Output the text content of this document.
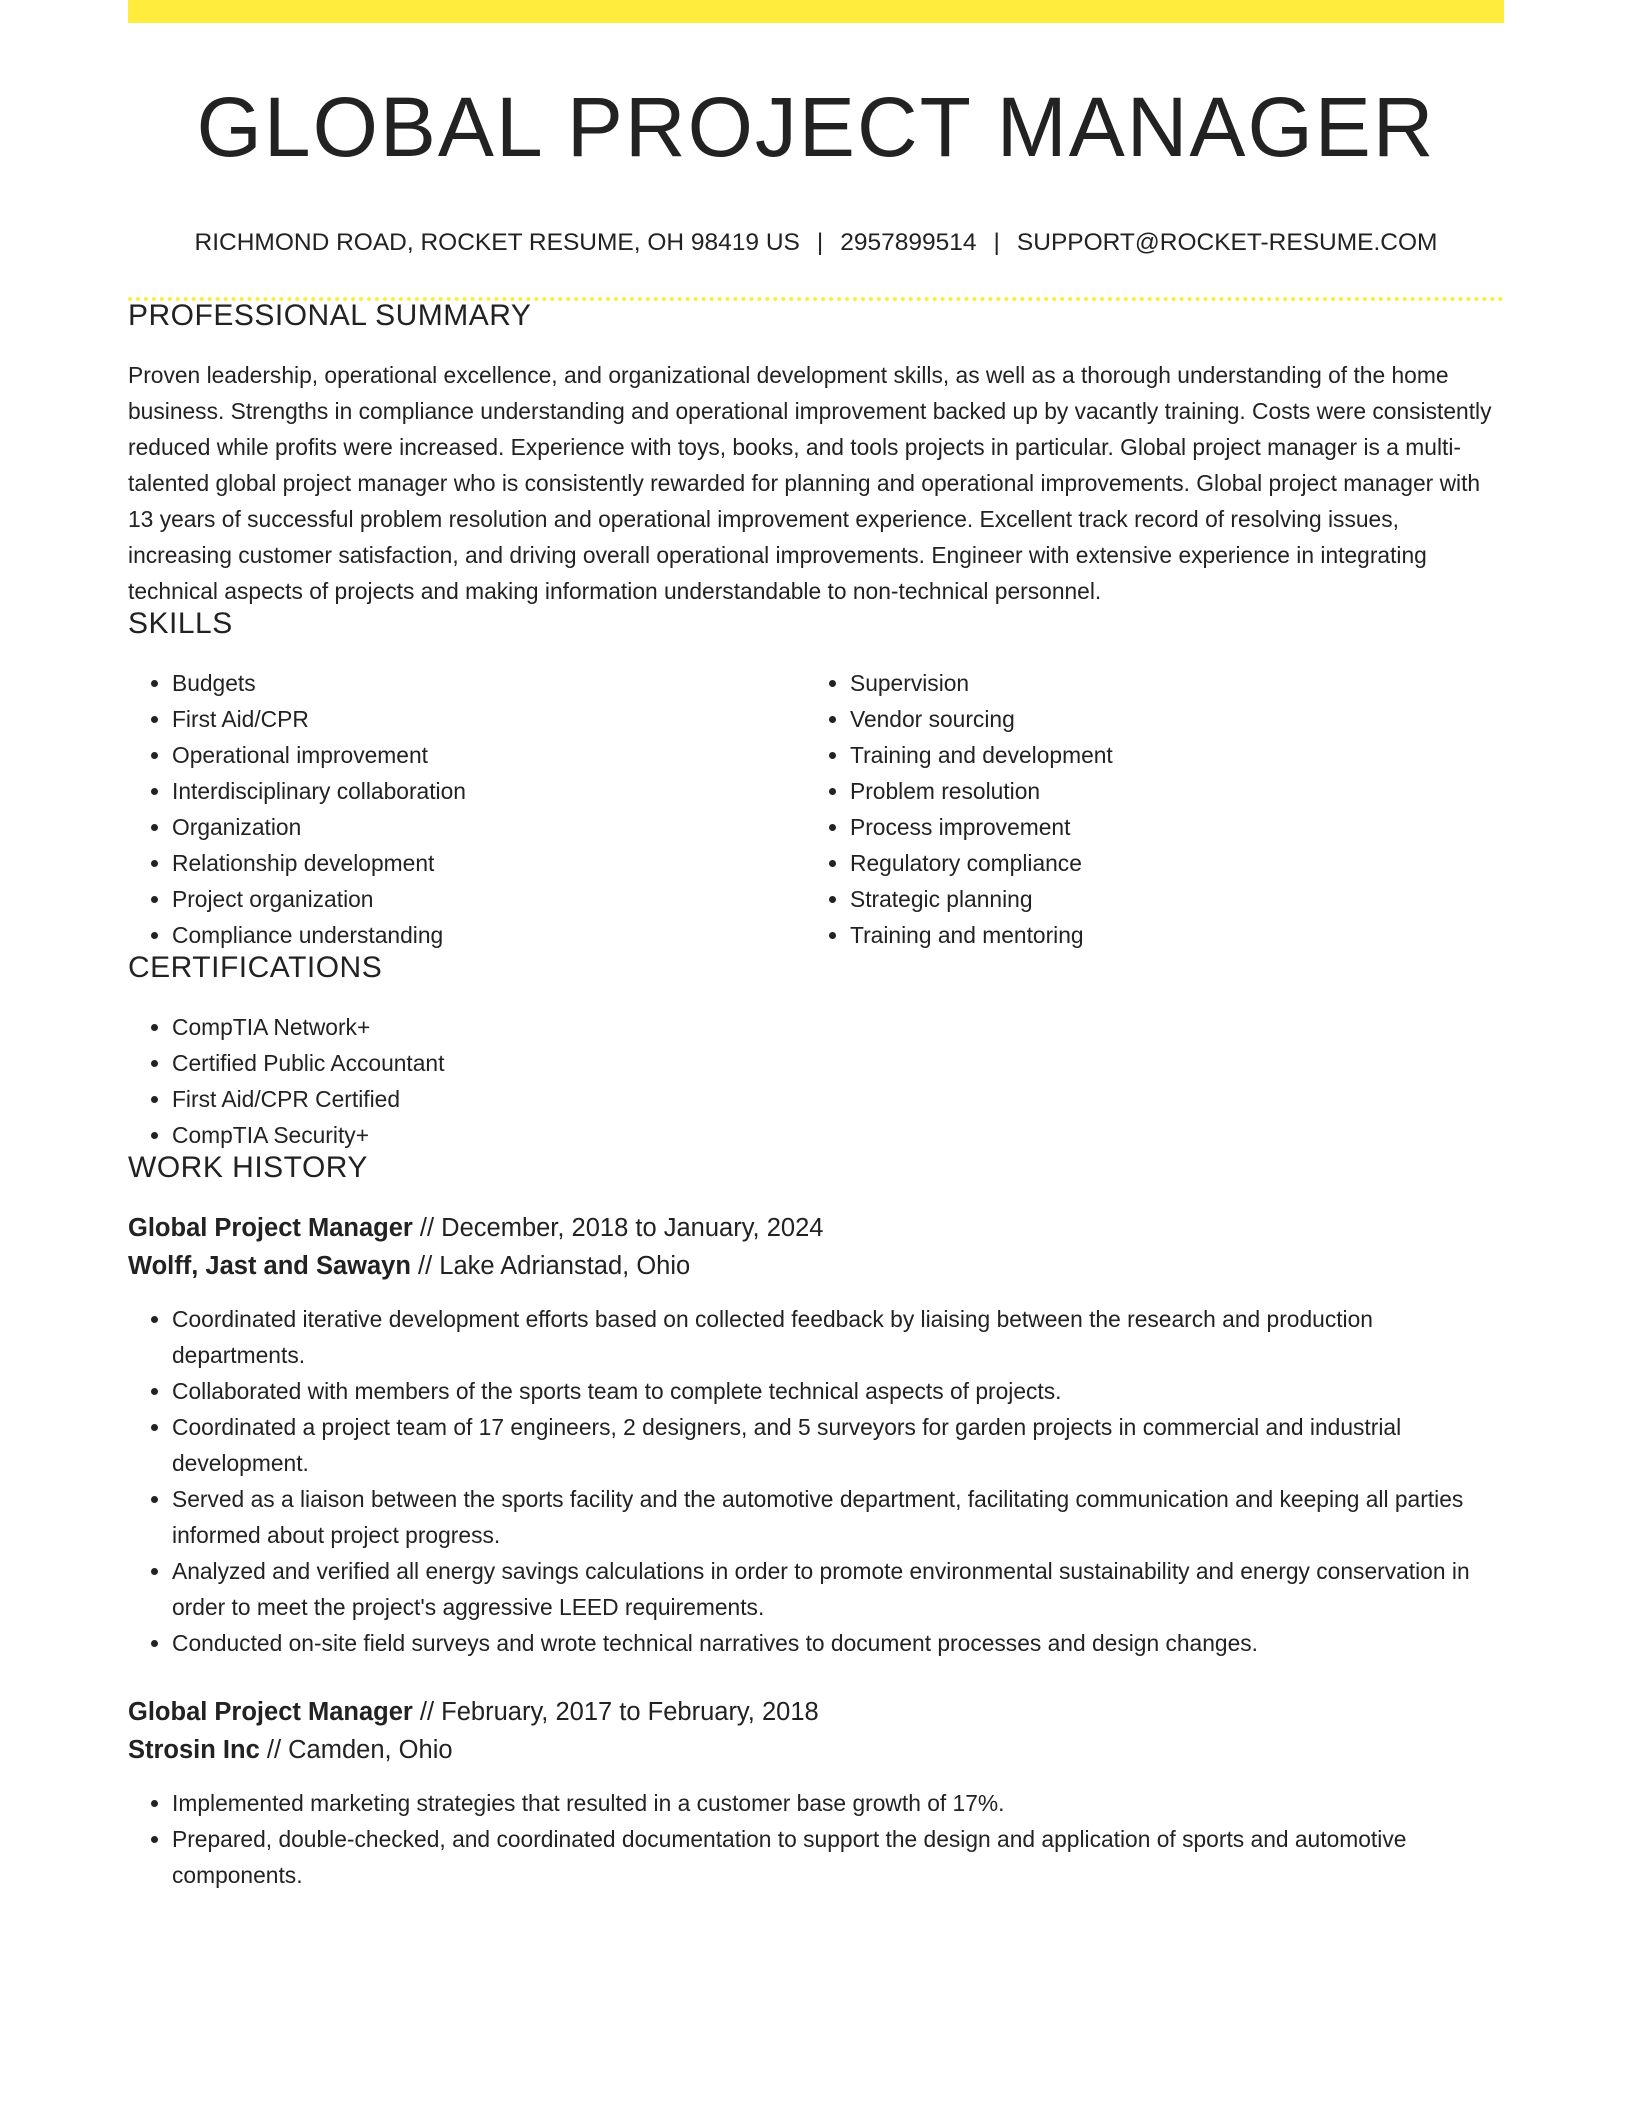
GLOBAL PROJECT MANAGER
RICHMOND ROAD, ROCKET RESUME, OH 98419 US | 2957899514 | SUPPORT@ROCKET-RESUME.COM
PROFESSIONAL SUMMARY

Proven leadership, operational excellence, and organizational development skills, as well as a thorough understanding of the home business. Strengths in compliance understanding and operational improvement backed up by vacantly training. Costs were consistently reduced while profits were increased. Experience with toys, books, and tools projects in particular. Global project manager is a multi-talented global project manager who is consistently rewarded for planning and operational improvements. Global project manager with 13 years of successful problem resolution and operational improvement experience. Excellent track record of resolving issues, increasing customer satisfaction, and driving overall operational improvements. Engineer with extensive experience in integrating technical aspects of projects and making information understandable to non-technical personnel.

SKILLS
• Budgets
• First Aid/CPR
• Operational improvement
• Interdisciplinary collaboration
• Organization
• Relationship development
• Project organization
• Compliance understanding
• Supervision
• Vendor sourcing
• Training and development
• Problem resolution
• Process improvement
• Regulatory compliance
• Strategic planning
• Training and mentoring
CERTIFICATIONS
• CompTIA Network+
• Certified Public Accountant
• First Aid/CPR Certified
• CompTIA Security+
WORK HISTORY
Global Project Manager // December, 2018 to January, 2024
Wolff, Jast and Sawayn // Lake Adrianstad, Ohio
• Coordinated iterative development efforts based on collected feedback by liaising between the research and production departments.
• Collaborated with members of the sports team to complete technical aspects of projects.
• Coordinated a project team of 17 engineers, 2 designers, and 5 surveyors for garden projects in commercial and industrial development.
• Served as a liaison between the sports facility and the automotive department, facilitating communication and keeping all parties informed about project progress.
• Analyzed and verified all energy savings calculations in order to promote environmental sustainability and energy conservation in order to meet the project's aggressive LEED requirements.
• Conducted on-site field surveys and wrote technical narratives to document processes and design changes.
Global Project Manager // February, 2017 to February, 2018
Strosin Inc // Camden, Ohio
• Implemented marketing strategies that resulted in a customer base growth of 17%.
• Prepared, double-checked, and coordinated documentation to support the design and application of sports and automotive components.
